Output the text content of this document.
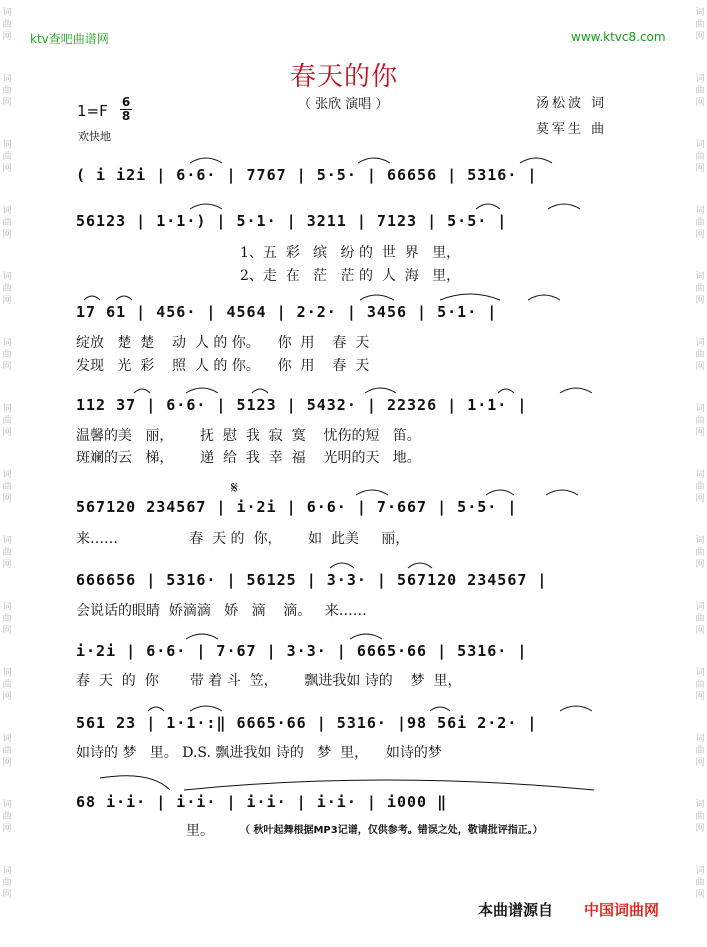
词
曲
网
词
曲
网
词
曲
网
词
曲
网
词
曲
网
词
曲
网
词
曲
网
词
曲
网
词
曲
网
词
曲
网
词
曲
网
词
曲
网
词
曲
网
词
曲
网
词
曲
网
词
曲
网
词
曲
网
词
曲
网
词
曲
网
词
曲
网
词
曲
网
词
曲
网
词
曲
网
词
曲
网
词
曲
网
词
曲
网
词
曲
网
词
曲
网
ktv查吧曲谱网	www.ktvc8.com
春天的你
（ 张欣 演唱 ）
1=F 6
8
欢快地
汤松波 词
莫军生 曲
( i i2i | 6·6· | 7767 | 5·5· | 66656 | 5316· |
56123 | 1·1·) | 5·1· | 3211 | 7123 | 5·5· |
1、五  彩   缤   纷 的  世  界   里，
2、走  在   茫   茫 的  人  海   里，
17 61 | 456· | 4564 | 2·2· | 3456 | 5·1· |
绽放   楚  楚    动  人 的 你。    你  用    春  天
发现   光  彩    照  人 的 你。    你  用    春  天
112 37 | 6·6· | 5123 | 5432· | 22326 | 1·1· |
温馨的美   丽，      抚  慰  我  寂  寞    忧伤的短   笛。
斑斓的云   梯，      递  给  我  幸  福    光明的天   地。
𝄋
567120 234567 | i·2i | 6·6· | 7·667 | 5·5· |
来……                春  天 的  你，      如  此美     丽，
666656 | 5316· | 56125 | 3·3· | 567120 234567 |
会说话的眼睛  娇滴滴   娇   滴    滴。   来……
i·2i | 6·6· | 7·67 | 3·3· | 6665·66 | 5316· |
春  天  的  你       带 着 斗  笠，      飘进我如 诗的    梦  里，
561 23 | 1·1·:‖ 6665·66 | 5316· |98 56i 2·2· |
如诗的 梦   里。 D.S. 飘进我如 诗的   梦  里，    如诗的梦
68 i·i· | i·i· | i·i· | i·i· | i000 ‖
里。	（ 秋叶起舞根据MP3记谱，仅供参考。错误之处，敬请批评指正。）
本曲谱源自 中国词曲网
